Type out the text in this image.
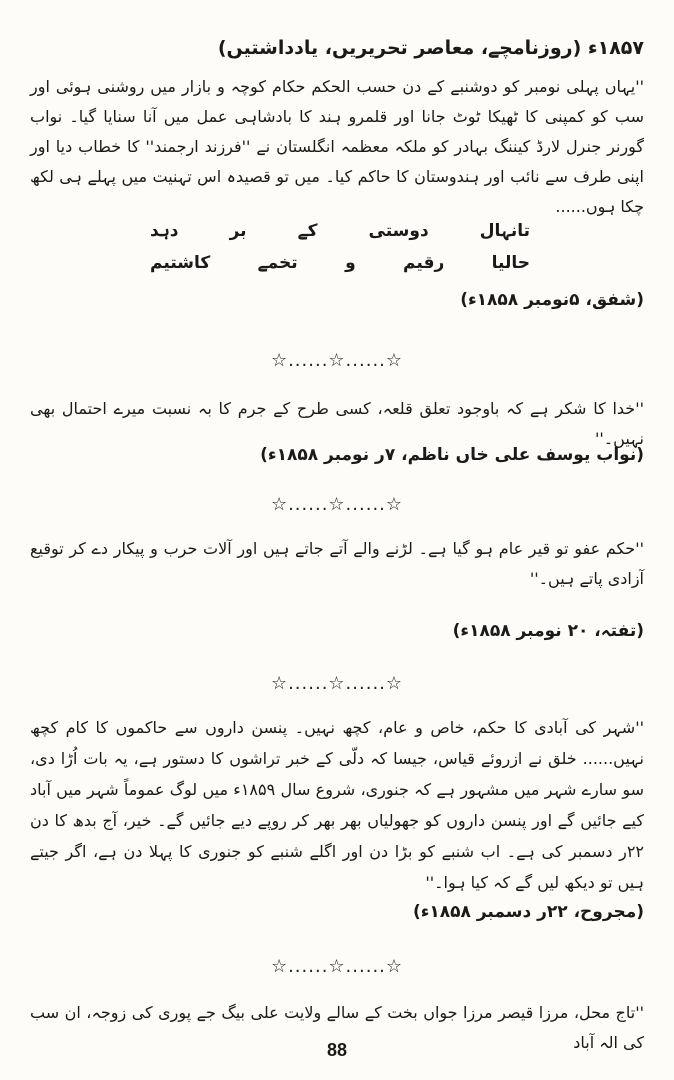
۱۸۵۷ء (روزنامچے، معاصر تحریریں، یادداشتیں)

''یہاں پہلی نومبر کو دوشنبے کے دن حسب الحکم حکام کوچہ و بازار میں روشنی ہوئی اور سب کو کمپنی کا ٹھیکا ٹوٹ جانا اور قلمرو ہند کا بادشاہی عمل میں آنا سنایا گیا۔ نواب گورنر جنرل لارڈ کیننگ بہادر کو ملکہ معظمہ انگلستان نے ''فرزند ارجمند'' کا خطاب دیا اور اپنی طرف سے نائب اور ہندوستان کا حاکم کیا۔ میں تو قصیدہ اس تہنیت میں پہلے ہی لکھ چکا ہوں......

تانہال
دوستی
کے
بر
دہد
حالیا
رقیم
و
تخمے
کاشتیم
(شفق، ۵نومبر ۱۸۵۸ء)
☆......☆......☆

''خدا کا شکر ہے کہ باوجود تعلق قلعہ، کسی طرح کے جرم کا بہ نسبت میرے احتمال بھی نہیں۔''

(نواب یوسف علی خاں ناظم، ۷ر نومبر ۱۸۵۸ء)
☆......☆......☆

''حکم عفو تو قیر عام ہو گیا ہے۔ لڑنے والے آتے جاتے ہیں اور آلات حرب و پیکار دے کر توقیع آزادی پاتے ہیں۔''

(تفتہ، ۲۰ نومبر ۱۸۵۸ء)
☆......☆......☆

''شہر کی آبادی کا حکم، خاص و عام، کچھ نہیں۔ پنسن داروں سے حاکموں کا کام کچھ نہیں...... خلق نے ازروئے قیاس، جیسا کہ دلّی کے خبر تراشوں کا دستور ہے، یہ بات اُڑا دی، سو سارے شہر میں مشہور ہے کہ جنوری، شروع سال ۱۸۵۹ء میں لوگ عموماً شہر میں آباد کیے جائیں گے اور پنسن داروں کو جھولیاں بھر بھر کر روپے دیے جائیں گے۔ خیر، آج بدھ کا دن ۲۲ر دسمبر کی ہے۔ اب شنبے کو بڑا دن اور اگلے شنبے کو جنوری کا پہلا دن ہے، اگر جیتے ہیں تو دیکھ لیں گے کہ کیا ہوا۔''

(مجروح، ۲۲ر دسمبر ۱۸۵۸ء)
☆......☆......☆

''تاج محل، مرزا قیصر مرزا جواں بخت کے سالے ولایت علی بیگ جے پوری کی زوجہ، ان سب کی الہ آباد

88
